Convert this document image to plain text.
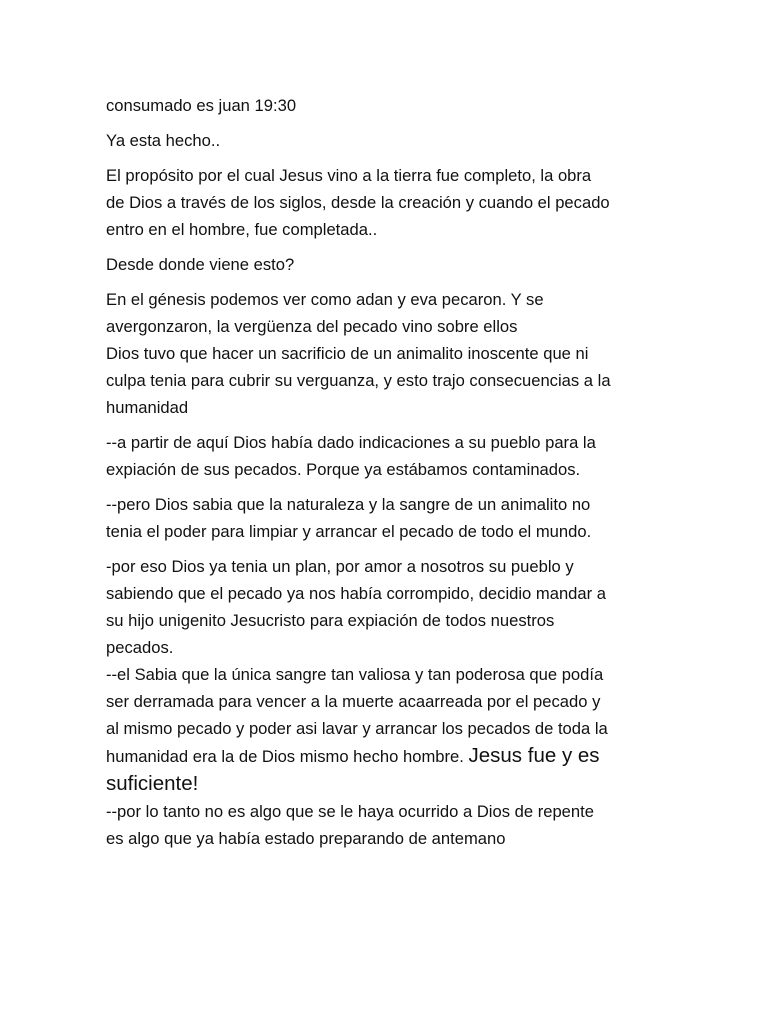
consumado es juan 19:30

Ya esta hecho..

El propósito por el cual Jesus vino a la tierra fue completo, la obra
de Dios a través de los siglos, desde la creación y cuando el pecado
entro en el hombre, fue completada..

Desde donde viene esto?

En el génesis podemos ver como adan y eva pecaron. Y se
avergonzaron, la vergüenza del pecado vino sobre ellos
Dios tuvo que hacer un sacrificio de un animalito inoscente que ni
culpa tenia para cubrir su verguanza, y esto trajo consecuencias a la
humanidad

--a partir de aquí Dios había dado indicaciones a su pueblo para la
expiación de sus pecados. Porque ya estábamos contaminados.

--pero Dios sabia que la naturaleza y la sangre de un animalito no
tenia el poder para limpiar y arrancar el pecado de todo el mundo.

-por eso Dios ya tenia un plan, por amor a nosotros su pueblo y
sabiendo que el pecado ya nos había corrompido, decidio mandar a
su hijo unigenito Jesucristo para expiación de todos nuestros
pecados.

--el Sabia que la única sangre tan valiosa y tan poderosa que podía
ser derramada para vencer a la muerte acaarreada por el pecado y
al mismo pecado y poder asi lavar y arrancar los pecados de toda la
humanidad era la de Dios mismo hecho hombre. Jesus fue y es
suficiente!

--por lo tanto no es algo que se le haya ocurrido a Dios de repente
es algo que ya había estado preparando de antemano
